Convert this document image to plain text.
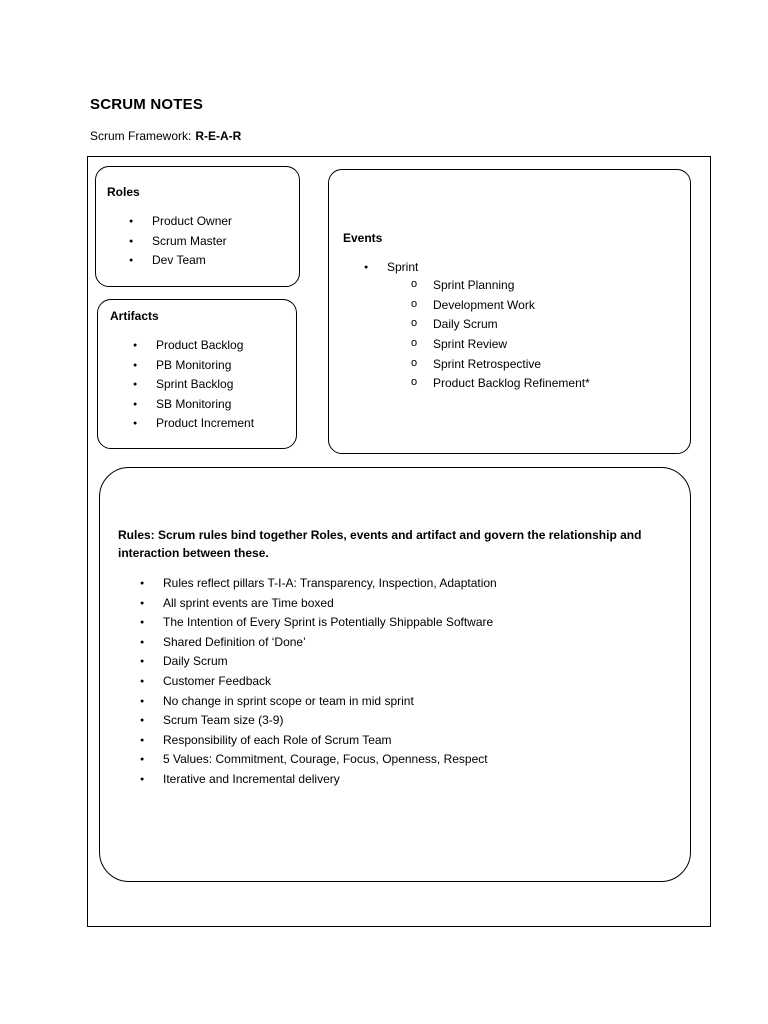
SCRUM NOTES
Scrum Framework: R-E-A-R
Roles
● Product Owner
● Scrum Master
● Dev Team
Artifacts
● Product Backlog
● PB Monitoring
● Sprint Backlog
● SB Monitoring
● Product Increment
Events
● Sprint
o Sprint Planning
o Development Work
o Daily Scrum
o Sprint Review
o Sprint Retrospective
o Product Backlog Refinement*
Rules: Scrum rules bind together Roles, events and artifact and govern the relationship and interaction between these.
● Rules reflect pillars T-I-A: Transparency, Inspection, Adaptation
● All sprint events are Time boxed
● The Intention of Every Sprint is Potentially Shippable Software
● Shared Definition of ‘Done’
● Daily Scrum
● Customer Feedback
● No change in sprint scope or team in mid sprint
● Scrum Team size (3-9)
● Responsibility of each Role of Scrum Team
● 5 Values: Commitment, Courage, Focus, Openness, Respect
● Iterative and Incremental delivery
